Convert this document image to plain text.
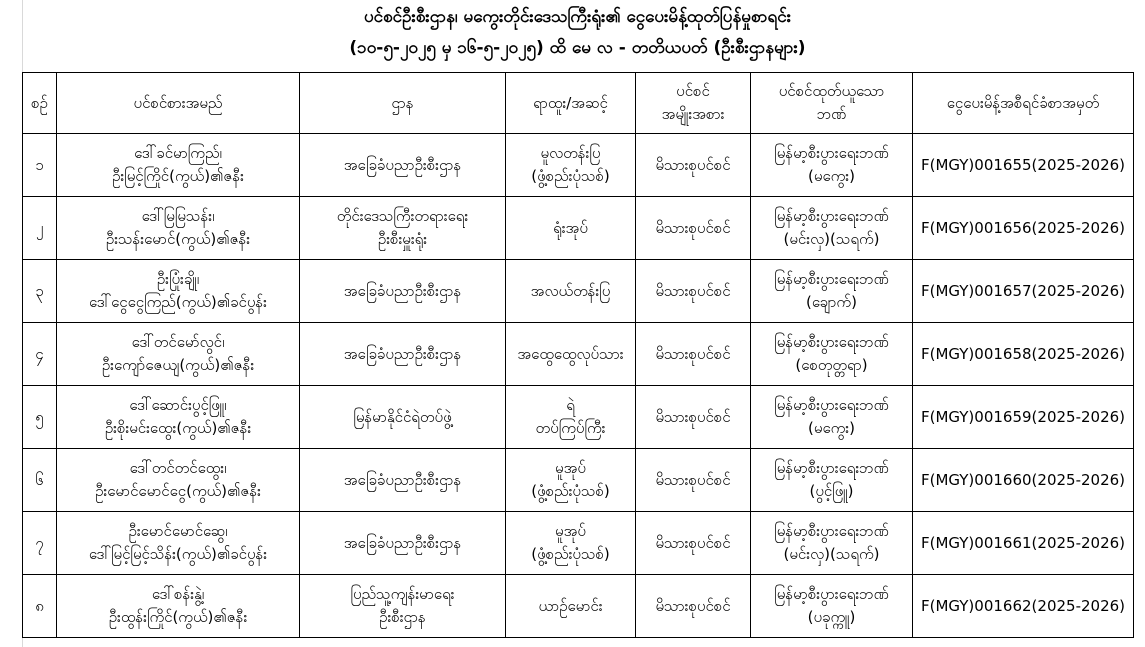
ပင်စင်ဦးစီးဌာန၊ မကွေးတိုင်းဒေသကြီးရုံး၏ ငွေပေးမိန့်ထုတ်ပြန်မှုစာရင်း
(၁၀-၅-၂၀၂၅ မှ ၁၆-၅-၂၀၂၅) ထိ မေ လ - တတိယပတ် (ဦးစီးဌာနများ)
စဉ်	ပင်စင်စားအမည်	ဌာန	ရာထူး/အဆင့်	ပင်စင်
အမျိုးအစား	ပင်စင်ထုတ်ယူသော
ဘဏ်	ငွေပေးမိန့်အစီရင်ခံစာအမှတ်

၁	ဒေါ်ခင်မာကြည်၊
ဦးမြင့်ကြိုင်(ကွယ်)၏ဇနီး	အခြေခံပညာဦးစီးဌာန	မူလတန်းပြ
(ဖွံ့စည်းပုံသစ်)	မိသားစုပင်စင်	မြန်မာ့စီးပွားရေးဘဏ်
(မကွေး)	F(MGY)001655(2025-2026)

၂	ဒေါ်မြမြသန်း၊
ဦးသန်းမောင်(ကွယ်)၏ဇနီး	တိုင်းဒေသကြီးတရားရေး
ဦးစီးမှူးရုံး	ရုံးအုပ်	မိသားစုပင်စင်	မြန်မာ့စီးပွားရေးဘဏ်
(မင်းလှ)(သရက်)	F(MGY)001656(2025-2026)

၃	ဦးပြုံးချို၊
ဒေါ်ငွေငွေကြည်(ကွယ်)၏ခင်ပွန်း	အခြေခံပညာဦးစီးဌာန	အလယ်တန်းပြ	မိသားစုပင်စင်	မြန်မာ့စီးပွားရေးဘဏ်
(ချောက်)	F(MGY)001657(2025-2026)

၄	ဒေါ်တင်မော်လွင်၊
ဦးကျော်ဇေယျ(ကွယ်)၏ဇနီး	အခြေခံပညာဦးစီးဌာန	အထွေထွေလုပ်သား	မိသားစုပင်စင်	မြန်မာ့စီးပွားရေးဘဏ်
(စေတုတ္တရာ)	F(MGY)001658(2025-2026)

၅	ဒေါ်ဆောင်းပွင့်ဖြူ၊
ဦးစိုးမင်းထွေး(ကွယ်)၏ဇနီး	မြန်မာနိုင်ငံရဲတပ်ဖွဲ့	ရဲ
တပ်ကြပ်ကြီး	မိသားစုပင်စင်	မြန်မာ့စီးပွားရေးဘဏ်
(မကွေး)	F(MGY)001659(2025-2026)

၆	ဒေါ်တင်တင်ထွေး၊
ဦးမောင်မောင်ငွေ(ကွယ်)၏ဇနီး	အခြေခံပညာဦးစီးဌာန	မူအုပ်
(ဖွံ့စည်းပုံသစ်)	မိသားစုပင်စင်	မြန်မာ့စီးပွားရေးဘဏ်
(ပွင့်ဖြူ)	F(MGY)001660(2025-2026)

၇	ဦးမောင်မောင်ဆွေ၊
ဒေါ်မြင့်မြင့်သိန်း(ကွယ်)၏ခင်ပွန်း	အခြေခံပညာဦးစီးဌာန	မူအုပ်
(ဖွံ့စည်းပုံသစ်)	မိသားစုပင်စင်	မြန်မာ့စီးပွားရေးဘဏ်
(မင်းလှ)(သရက်)	F(MGY)001661(2025-2026)

၈	ဒေါ်စန်းနွဲ့၊
ဦးထွန်းကြိုင်(ကွယ်)၏ဇနီး	ပြည်သူ့ကျန်းမာရေး
ဦးစီးဌာန	ယာဉ်မောင်း	မိသားစုပင်စင်	မြန်မာ့စီးပွားရေးဘဏ်
(ပခုက္ကူ)	F(MGY)001662(2025-2026)
